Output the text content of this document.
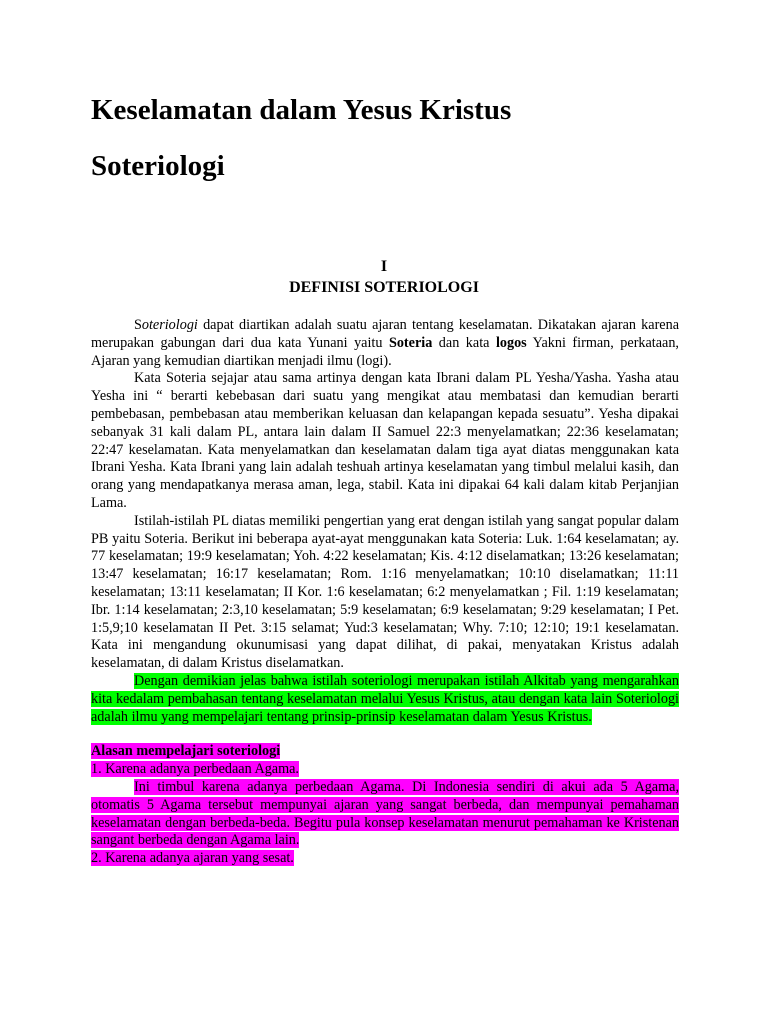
Keselamatan dalam Yesus Kristus
Soteriologi
I
DEFINISI SOTERIOLOGI

Soteriologi dapat diartikan adalah suatu ajaran tentang keselamatan. Dikatakan ajaran karena merupakan gabungan dari dua kata Yunani yaitu Soteria dan kata logos Yakni firman, perkataan, Ajaran yang kemudian diartikan menjadi ilmu (logi).

Kata Soteria sejajar atau sama artinya dengan kata Ibrani dalam PL Yesha/Yasha. Yasha atau Yesha ini “ berarti kebebasan dari suatu yang mengikat atau membatasi dan kemudian berarti pembebasan, pembebasan atau memberikan keluasan dan kelapangan kepada sesuatu”. Yesha dipakai sebanyak 31 kali dalam PL, antara lain dalam II Samuel 22:3 menyelamatkan; 22:36 keselamatan; 22:47 keselamatan. Kata menyelamatkan dan keselamatan dalam tiga ayat diatas menggunakan kata Ibrani Yesha. Kata Ibrani yang lain adalah teshuah artinya keselamatan yang timbul melalui kasih, dan orang yang mendapatkanya merasa aman, lega, stabil. Kata ini dipakai 64 kali dalam kitab Perjanjian Lama.

Istilah-istilah PL diatas memiliki pengertian yang erat dengan istilah yang sangat popular dalam PB yaitu Soteria. Berikut ini beberapa ayat-ayat menggunakan kata Soteria: Luk. 1:64 keselamatan; ay. 77 keselamatan; 19:9 keselamatan; Yoh. 4:22 keselamatan; Kis. 4:12 diselamatkan; 13:26 keselamatan; 13:47 keselamatan; 16:17 keselamatan; Rom. 1:16 menyelamatkan; 10:10 diselamatkan; 11:11 keselamatan; 13:11 keselamatan; II Kor. 1:6 keselamatan; 6:2 menyelamatkan ; Fil. 1:19 keselamatan; Ibr. 1:14 keselamatan; 2:3,10 keselamatan; 5:9 keselamatan; 6:9 keselamatan; 9:29 keselamatan; I Pet. 1:5,9;10 keselamatan II Pet. 3:15 selamat; Yud:3 keselamatan; Why. 7:10; 12:10; 19:1 keselamatan. Kata ini mengandung okunumisasi yang dapat dilihat, di pakai, menyatakan Kristus adalah keselamatan, di dalam Kristus diselamatkan.

Dengan demikian jelas bahwa istilah soteriologi merupakan istilah Alkitab yang mengarahkan kita kedalam pembahasan tentang keselamatan melalui Yesus Kristus, atau dengan kata lain Soteriologi adalah ilmu yang mempelajari tentang prinsip-prinsip keselamatan dalam Yesus Kristus.

Alasan mempelajari soteriologi

1. Karena adanya perbedaan Agama.

Ini timbul karena adanya perbedaan Agama. Di Indonesia sendiri di akui ada 5 Agama, otomatis 5 Agama tersebut mempunyai ajaran yang sangat berbeda, dan mempunyai pemahaman keselamatan dengan berbeda-beda. Begitu pula konsep keselamatan menurut pemahaman ke Kristenan sangant berbeda dengan Agama lain.

2. Karena adanya ajaran yang sesat.
